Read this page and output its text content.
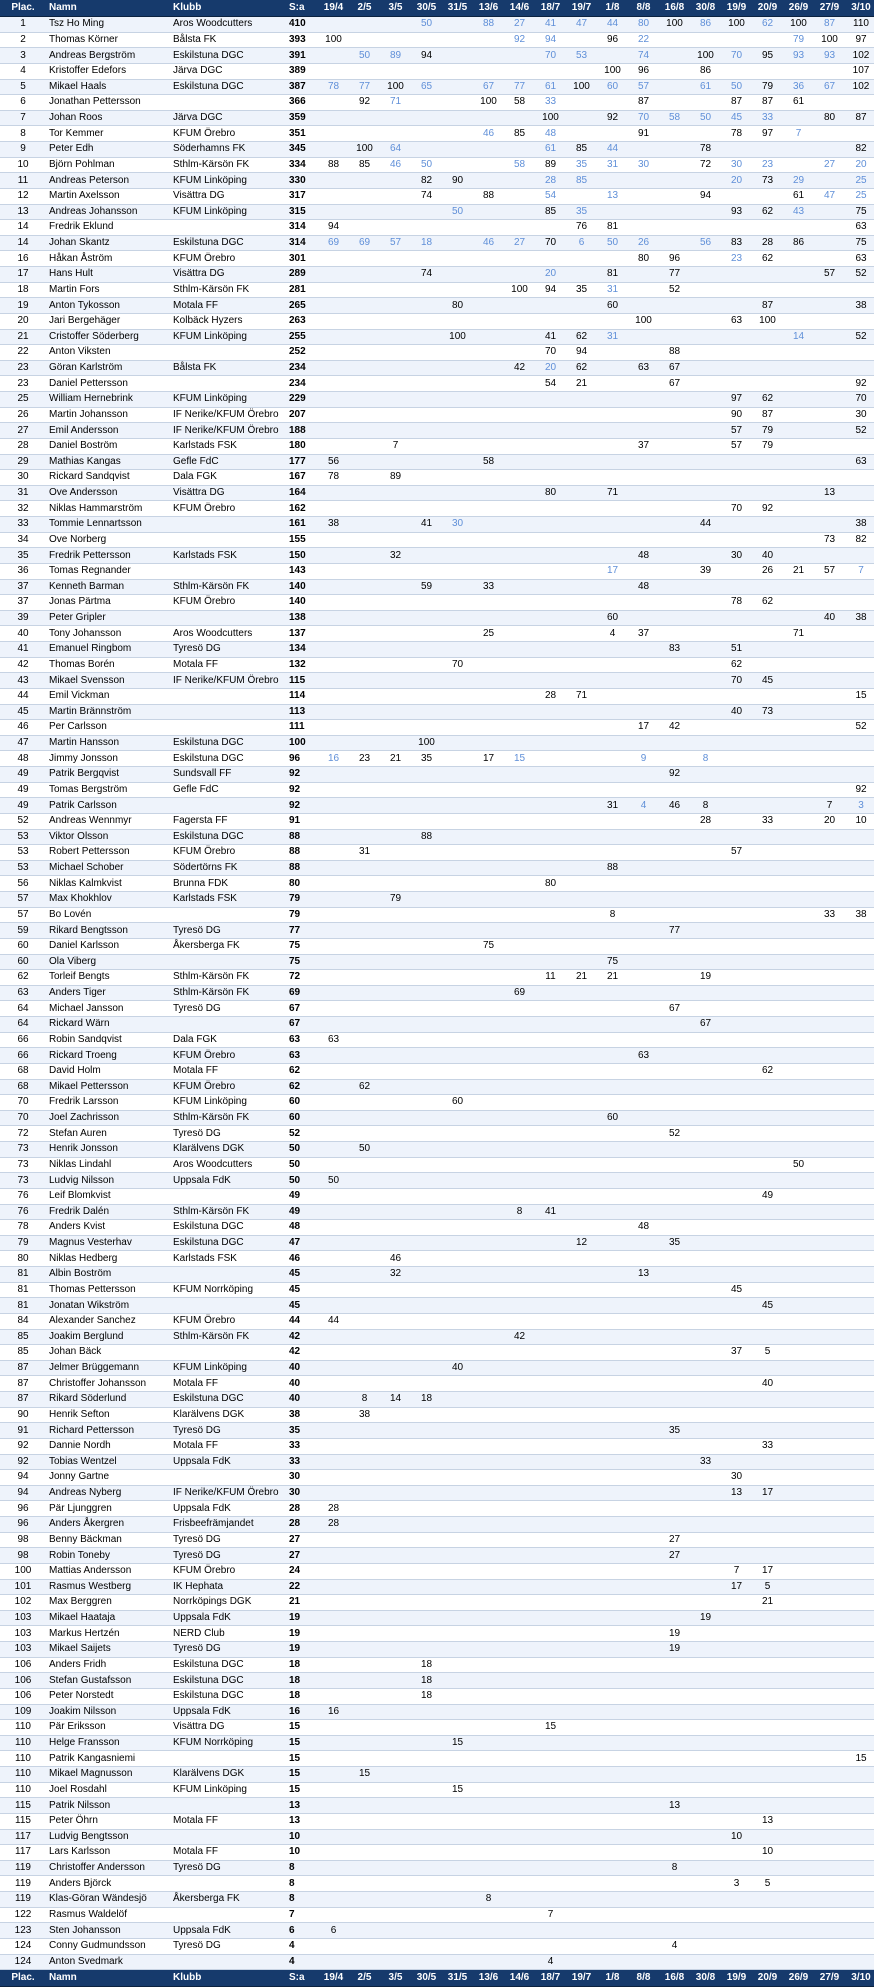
Plac.	Namn	Klubb	S:a	19/4	2/5	3/5	30/5	31/5	13/6	14/6	18/7	19/7	1/8	8/8	16/8	30/8	19/9	20/9	26/9	27/9	3/10
1	Tsz Ho Ming	Aros Woodcutters	410				50		88	27	41	47	44	80	100	86	100	62	100	87	110
2	Thomas Körner	Bålsta FK	393	100						92	94		96	22					79	100	97
3	Andreas Bergström	Eskilstuna DGC	391		50	89	94				70	53		74		100	70	95	93	93	102
4	Kristoffer Edefors	Järva DGC	389										100	96		86					107
5	Mikael Haals	Eskilstuna DGC	387	78	77	100	65		67	77	61	100	60	57		61	50	79	36	67	102
6	Jonathan Pettersson		366		92	71			100	58	33			87			87	87	61		
7	Johan Roos	Järva DGC	359								100		92	70	58	50	45	33		80	87
8	Tor Kemmer	KFUM Örebro	351						46	85	48			91			78	97	7		
9	Peter Edh	Söderhamns FK	345		100	64					61	85	44			78					82
10	Björn Pohlman	Sthlm-Kärsön FK	334	88	85	46	50			58	89	35	31	30		72	30	23		27	20
11	Andreas Peterson	KFUM Linköping	330				82	90			28	85					20	73	29		25
12	Martin Axelsson	Visättra DG	317				74		88		54		13			94			61	47	25
13	Andreas Johansson	KFUM Linköping	315					50			85	35					93	62	43		75
14	Fredrik Eklund		314	94								76	81								63
14	Johan Skantz	Eskilstuna DGC	314	69	69	57	18		46	27	70	6	50	26		56	83	28	86		75
16	Håkan Åström	KFUM Örebro	301											80	96		23	62			63
17	Hans Hult	Visättra DG	289				74				20		81		77					57	52
18	Martin Fors	Sthlm-Kärsön FK	281							100	94	35	31		52						
19	Anton Tykosson	Motala FF	265					80					60					87			38
20	Jari Bergehäger	Kolbäck Hyzers	263											100			63	100			
21	Cristoffer Söderberg	KFUM Linköping	255					100			41	62	31						14		52
22	Anton Viksten		252								70	94			88						
23	Göran Karlström	Bålsta FK	234							42	20	62		63	67						
23	Daniel Pettersson		234								54	21			67						92
25	William Hernebrink	KFUM Linköping	229														97	62			70
26	Martin Johansson	IF Nerike/KFUM Örebro	207														90	87			30
27	Emil Andersson	IF Nerike/KFUM Örebro	188														57	79			52
28	Daniel Boström	Karlstads FSK	180			7								37			57	79			
29	Mathias Kangas	Gefle FdC	177	56					58												63
30	Rickard Sandqvist	Dala FGK	167	78		89															
31	Ove Andersson	Visättra DG	164								80		71							13	
32	Niklas Hammarström	KFUM Örebro	162														70	92			
33	Tommie Lennartsson		161	38			41	30								44					38
34	Ove Norberg		155																	73	82
35	Fredrik Pettersson	Karlstads FSK	150			32								48			30	40			
36	Tomas Regnander		143										17			39		26	21	57	7
37	Kenneth Barman	Sthlm-Kärsön FK	140				59		33					48							
37	Jonas Pärtma	KFUM Örebro	140														78	62			
39	Peter Gripler		138										60							40	38
40	Tony Johansson	Aros Woodcutters	137						25				4	37					71		
41	Emanuel Ringbom	Tyresö DG	134												83		51				
42	Thomas Borén	Motala FF	132					70									62				
43	Mikael Svensson	IF Nerike/KFUM Örebro	115														70	45			
44	Emil Vickman		114								28	71									15
45	Martin Brännström		113														40	73			
46	Per Carlsson		111											17	42						52
47	Martin Hansson	Eskilstuna DGC	100				100														
48	Jimmy Jonsson	Eskilstuna DGC	96	16	23	21	35		17	15				9		8					
49	Patrik Bergqvist	Sundsvall FF	92												92						
49	Tomas Bergström	Gefle FdC	92																		92
49	Patrik Carlsson		92										31	4	46	8				7	3
52	Andreas Wennmyr	Fagersta FF	91													28		33		20	10
53	Viktor Olsson	Eskilstuna DGC	88				88														
53	Robert Pettersson	KFUM Örebro	88		31												57				
53	Michael Schober	Södertörns FK	88										88								
56	Niklas Kalmkvist	Brunna FDK	80								80										
57	Max Khokhlov	Karlstads FSK	79			79															
57	Bo Lovén		79										8							33	38
59	Rikard Bengtsson	Tyresö DG	77												77						
60	Daniel Karlsson	Åkersberga FK	75						75												
60	Ola Viberg		75										75								
62	Torleif Bengts	Sthlm-Kärsön FK	72								11	21	21			19					
63	Anders Tiger	Sthlm-Kärsön FK	69							69											
64	Michael Jansson	Tyresö DG	67												67						
64	Rickard Wärn		67													67					
66	Robin Sandqvist	Dala FGK	63	63																	
66	Rickard Troeng	KFUM Örebro	63											63							
68	David Holm	Motala FF	62															62			
68	Mikael Pettersson	KFUM Örebro	62		62																
70	Fredrik Larsson	KFUM Linköping	60					60													
70	Joel Zachrisson	Sthlm-Kärsön FK	60										60								
72	Stefan Auren	Tyresö DG	52												52						
73	Henrik Jonsson	Klarälvens DGK	50		50																
73	Niklas Lindahl	Aros Woodcutters	50																50		
73	Ludvig Nilsson	Uppsala FdK	50	50																	
76	Leif Blomkvist		49															49			
76	Fredrik Dalén	Sthlm-Kärsön FK	49							8	41										
78	Anders Kvist	Eskilstuna DGC	48											48							
79	Magnus Vesterhav	Eskilstuna DGC	47									12			35						
80	Niklas Hedberg	Karlstads FSK	46			46															
81	Albin Boström		45			32								13							
81	Thomas Pettersson	KFUM Norrköping	45														45				
81	Jonatan Wikström		45															45			
84	Alexander Sanchez	KFUM Örebro	44	44																	
85	Joakim Berglund	Sthlm-Kärsön FK	42							42											
85	Johan Bäck		42														37	5			
87	Jelmer Brüggemann	KFUM Linköping	40					40													
87	Christoffer Johansson	Motala FF	40															40			
87	Rikard Söderlund	Eskilstuna DGC	40		8	14	18														
90	Henrik Sefton	Klarälvens DGK	38		38																
91	Richard Pettersson	Tyresö DG	35												35						
92	Dannie Nordh	Motala FF	33															33			
92	Tobias Wentzel	Uppsala FdK	33													33					
94	Jonny Gartne		30														30				
94	Andreas Nyberg	IF Nerike/KFUM Örebro	30														13	17			
96	Pär Ljunggren	Uppsala FdK	28	28																	
96	Anders Åkergren	Frisbeefrämjandet	28	28																	
98	Benny Bäckman	Tyresö DG	27												27						
98	Robin Toneby	Tyresö DG	27												27						
100	Mattias Andersson	KFUM Örebro	24														7	17			
101	Rasmus Westberg	IK Hephata	22														17	5			
102	Max Berggren	Norrköpings DGK	21															21			
103	Mikael Haataja	Uppsala FdK	19													19					
103	Markus Hertzén	NERD Club	19												19						
103	Mikael Saijets	Tyresö DG	19												19						
106	Anders Fridh	Eskilstuna DGC	18				18														
106	Stefan Gustafsson	Eskilstuna DGC	18				18														
106	Peter Norstedt	Eskilstuna DGC	18				18														
109	Joakim Nilsson	Uppsala FdK	16	16																	
110	Pär Eriksson	Visättra DG	15								15										
110	Helge Fransson	KFUM Norrköping	15					15													
110	Patrik Kangasniemi		15																		15
110	Mikael Magnusson	Klarälvens DGK	15		15																
110	Joel Rosdahl	KFUM Linköping	15					15													
115	Patrik Nilsson		13												13						
115	Peter Öhrn	Motala FF	13															13			
117	Ludvig Bengtsson		10														10				
117	Lars Karlsson	Motala FF	10															10			
119	Christoffer Andersson	Tyresö DG	8												8						
119	Anders Björck		8														3	5			
119	Klas-Göran Wändesjö	Åkersberga FK	8						8												
122	Rasmus Waldelöf		7								7										
123	Sten Johansson	Uppsala FdK	6	6																	
124	Conny Gudmundsson	Tyresö DG	4												4						
124	Anton Svedmark		4								4										
Plac.	Namn	Klubb	S:a	19/4	2/5	3/5	30/5	31/5	13/6	14/6	18/7	19/7	1/8	8/8	16/8	30/8	19/9	20/9	26/9	27/9	3/10
